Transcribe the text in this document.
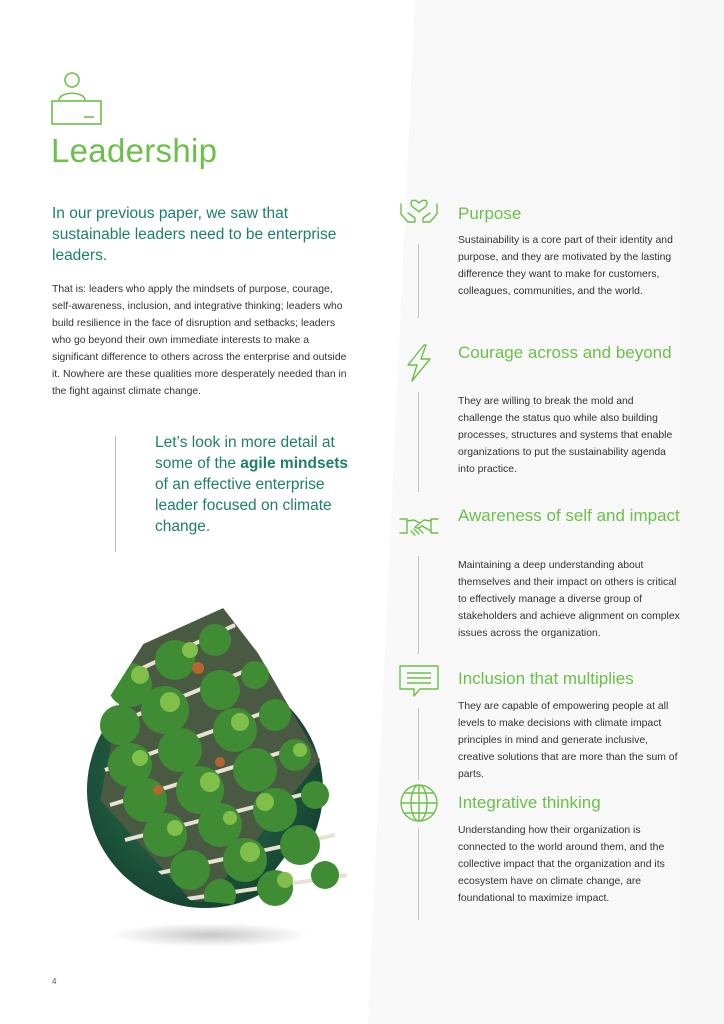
Leadership

In our previous paper, we saw that sustainable leaders need to be enterprise leaders.

That is: leaders who apply the mindsets of purpose, courage, self-awareness, inclusion, and integrative thinking; leaders who build resilience in the face of disruption and setbacks; leaders who go beyond their own immediate interests to make a significant difference to others across the enterprise and outside it. Nowhere are these qualities more desperately needed than in the fight against climate change.

Let’s look in more detail at some of the agile mindsets of an effective enterprise leader focused on climate change.

4
Purpose

Sustainability is a core part of their identity and purpose, and they are motivated by the lasting difference they want to make for customers, colleagues, communities, and the world.

Courage across and beyond

They are willing to break the mold and challenge the status quo while also building processes, structures and systems that enable organizations to put the sustainability agenda into practice.

Awareness of self and impact

Maintaining a deep understanding about themselves and their impact on others is critical to effectively manage a diverse group of stakeholders and achieve alignment on complex issues across the organization.

Inclusion that multiplies

They are capable of empowering people at all levels to make decisions with climate impact principles in mind and generate inclusive, creative solutions that are more than the sum of parts.

Integrative thinking

Understanding how their organization is connected to the world around them, and the collective impact that the organization and its ecosystem have on climate change, are foundational to maximize impact.
